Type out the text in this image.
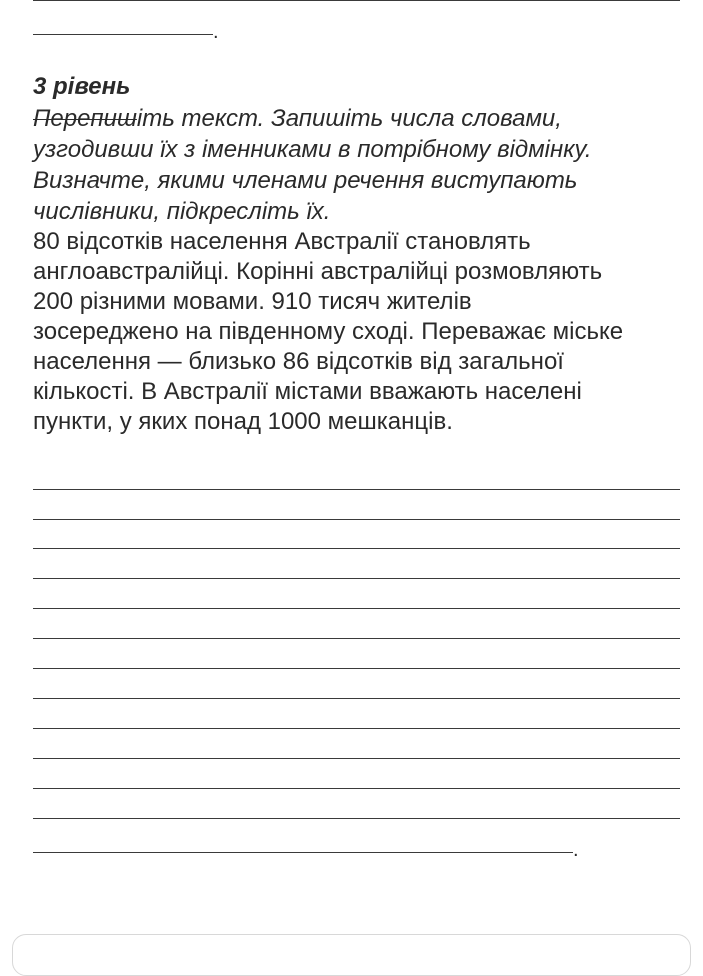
.
3 рівень
Перепишіть текст. Запишіть числа словами,
узгодивши їх з іменниками в потрібному відмінку.
Визначте, якими членами речення виступають
числівники, підкресліть їх.

80 відсотків населення Австралії становлять

англоавстралійці. Корінні австралійці розмовляють

200 різними мовами. 910 тисяч жителів

зосереджено на південному сході. Переважає міське

населення — близько 86 відсотків від загальної

кількості. В Австралії містами вважають населені

пункти, у яких понад 1000 мешканців.

.
